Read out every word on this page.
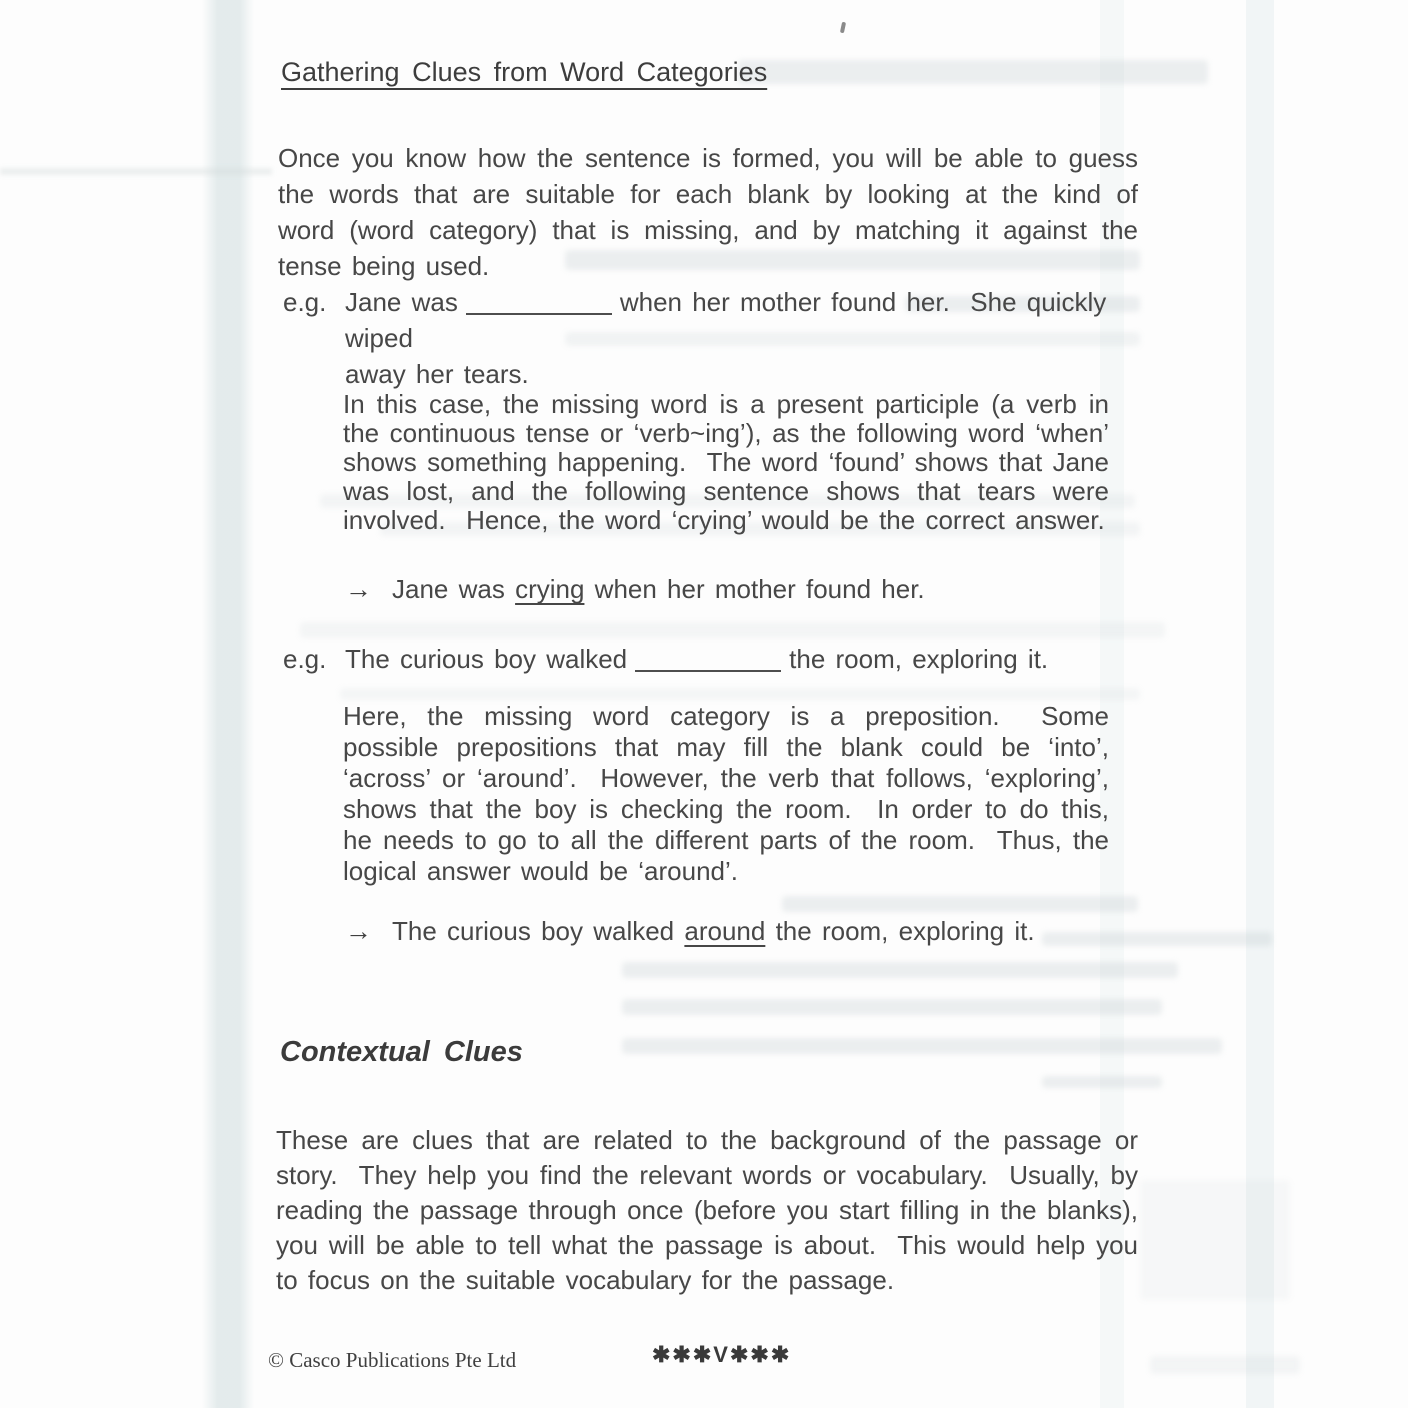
Gathering Clues from Word Categories
Once you know how the sentence is formed, you will be able to guess the words that are suitable for each blank by looking at the kind of word (word category) that is missing, and by matching it against the tense being used.
e.g. Jane was	when her mother found her.  She quickly wiped
away her tears.
In this case, the missing word is a present participle (a verb in the continuous tense or ‘verb~ing’), as the following word ‘when’ shows something happening.  The word ‘found’ shows that Jane was lost, and the following sentence shows that tears were involved.  Hence, the word ‘crying’ would be the correct answer.
→ Jane was crying when her mother found her.
e.g. The curious boy walked	the room, exploring it.
Here, the missing word category is a preposition.  Some possible prepositions that may fill the blank could be ‘into’, ‘across’ or ‘around’.  However, the verb that follows, ‘exploring’, shows that the boy is checking the room.  In order to do this, he needs to go to all the different parts of the room.  Thus, the logical answer would be ‘around’.
→ The curious boy walked around the room, exploring it.
Contextual Clues
These are clues that are related to the background of the passage or story.  They help you find the relevant words or vocabulary.  Usually, by reading the passage through once (before you start filling in the blanks), you will be able to tell what the passage is about.  This would help you to focus on the suitable vocabulary for the passage.
© Casco Publications Pte Ltd	✱✱✱V✱✱✱
